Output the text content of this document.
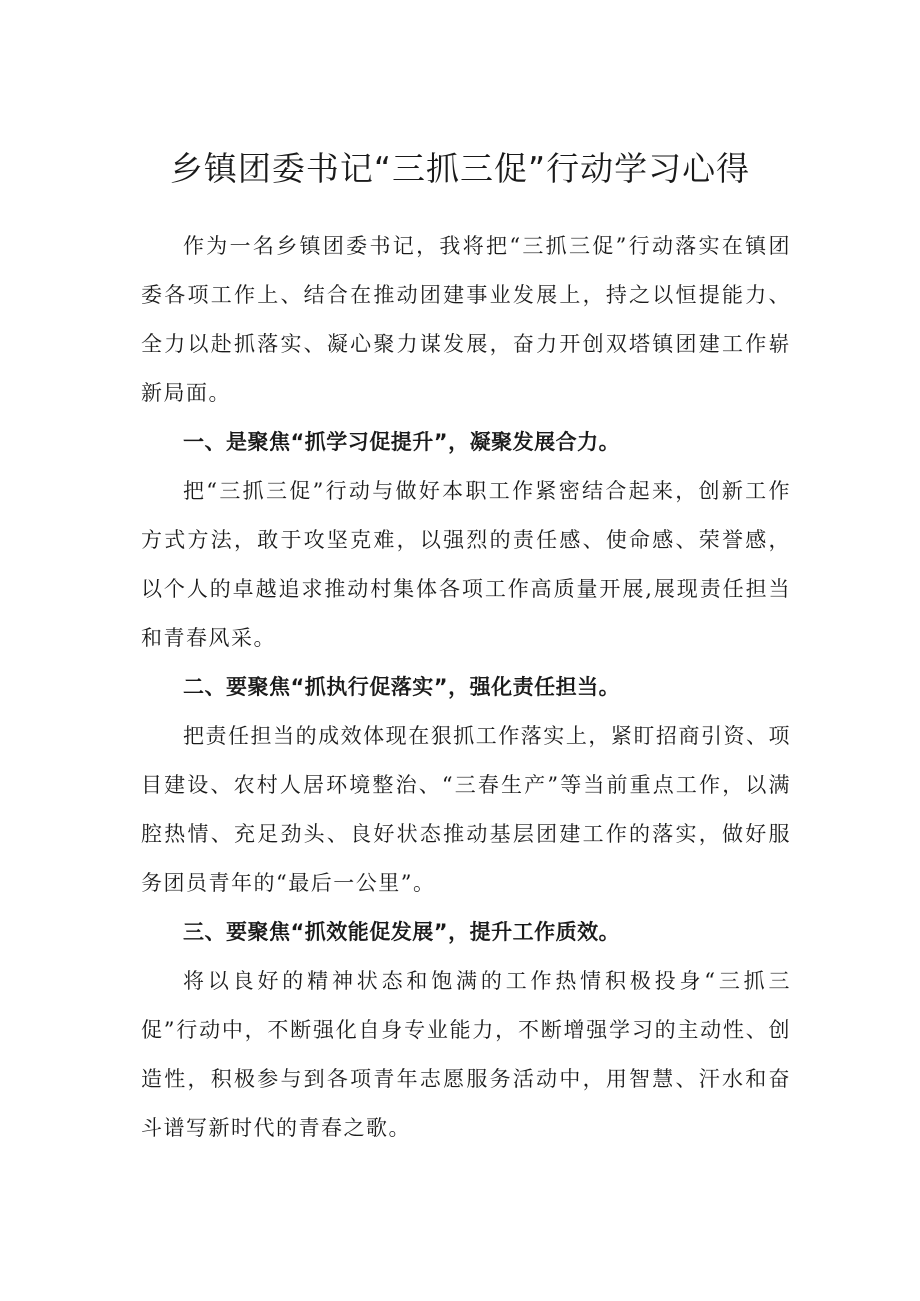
乡镇团委书记“三抓三促”行动学习心得

作为一名乡镇团委书记，我将把“三抓三促”行动落实在镇团委各项工作上、结合在推动团建事业发展上，持之以恒提能力、全力以赴抓落实、凝心聚力谋发展，奋力开创双塔镇团建工作崭新局面。

一、是聚焦“抓学习促提升”，凝聚发展合力。

把“三抓三促”行动与做好本职工作紧密结合起来，创新工作方式方法，敢于攻坚克难，以强烈的责任感、使命感、荣誉感，以个人的卓越追求推动村集体各项工作高质量开展,展现责任担当和青春风采。

二、要聚焦“抓执行促落实”，强化责任担当。

把责任担当的成效体现在狠抓工作落实上，紧盯招商引资、项目建设、农村人居环境整治、“三春生产”等当前重点工作，以满腔热情、充足劲头、良好状态推动基层团建工作的落实，做好服务团员青年的“最后一公里”。

三、要聚焦“抓效能促发展”，提升工作质效。

将以良好的精神状态和饱满的工作热情积极投身“三抓三促”行动中，不断强化自身专业能力，不断增强学习的主动性、创造性，积极参与到各项青年志愿服务活动中，用智慧、汗水和奋斗谱写新时代的青春之歌。
